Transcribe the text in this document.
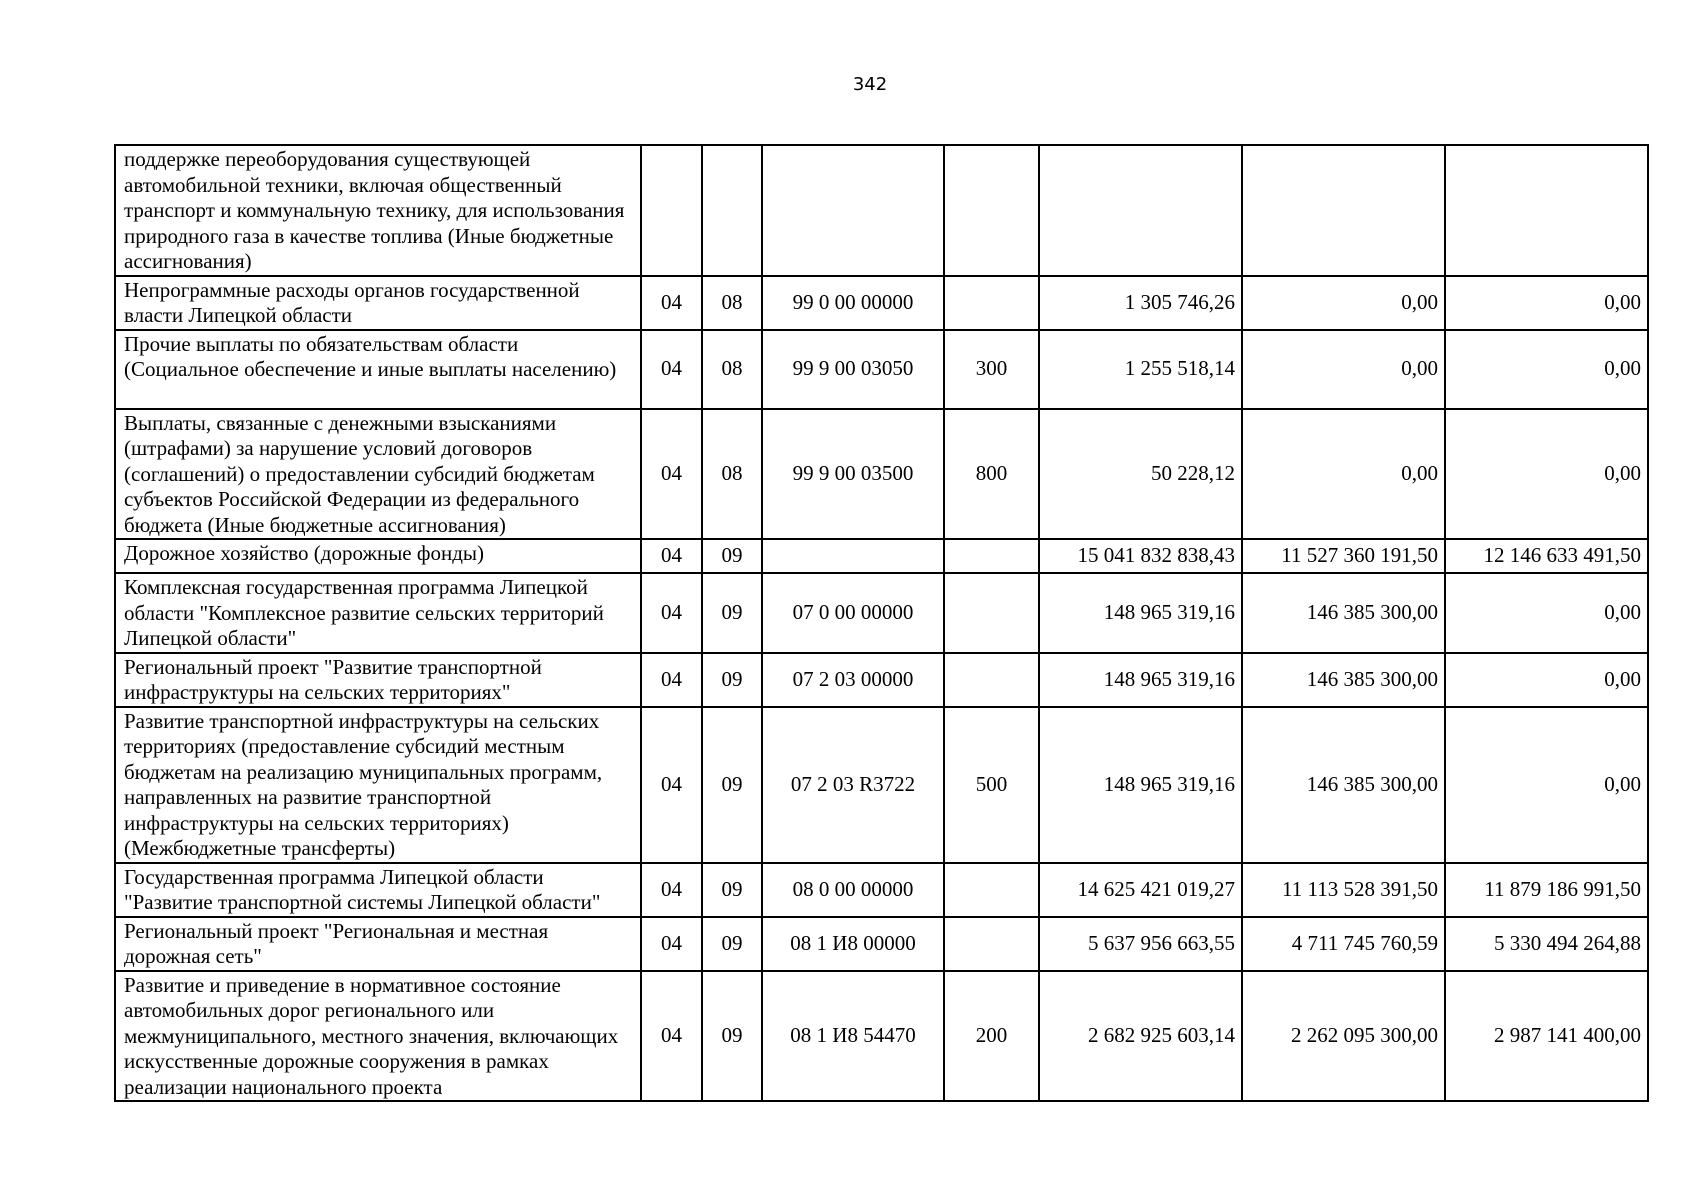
342
поддержке переоборудования существующей автомобильной техники, включая общественный транспорт и коммунальную технику, для использования природного газа в качестве топлива (Иные бюджетные ассигнования)							
Непрограммные расходы органов государственной власти Липецкой области	04	08	99 0 00 00000		1 305 746,26	0,00	0,00
Прочие выплаты по обязательствам области (Социальное обеспечение и иные выплаты населению)	04	08	99 9 00 03050	300	1 255 518,14	0,00	0,00
Выплаты, связанные с денежными взысканиями (штрафами) за нарушение условий договоров (соглашений) о предоставлении субсидий бюджетам субъектов Российской Федерации из федерального бюджета (Иные бюджетные ассигнования)	04	08	99 9 00 03500	800	50 228,12	0,00	0,00
Дорожное хозяйство (дорожные фонды)	04	09			15 041 832 838,43	11 527 360 191,50	12 146 633 491,50
Комплексная государственная программа Липецкой области "Комплексное развитие сельских территорий Липецкой области"	04	09	07 0 00 00000		148 965 319,16	146 385 300,00	0,00
Региональный проект "Развитие транспортной инфраструктуры на сельских территориях"	04	09	07 2 03 00000		148 965 319,16	146 385 300,00	0,00
Развитие транспортной инфраструктуры на сельских территориях (предоставление субсидий местным бюджетам на реализацию муниципальных программ, направленных на развитие транспортной инфраструктуры на сельских территориях) (Межбюджетные трансферты)	04	09	07 2 03 R3722	500	148 965 319,16	146 385 300,00	0,00
Государственная программа Липецкой области "Развитие транспортной системы Липецкой области"	04	09	08 0 00 00000		14 625 421 019,27	11 113 528 391,50	11 879 186 991,50
Региональный проект "Региональная и местная дорожная сеть"	04	09	08 1 И8 00000		5 637 956 663,55	4 711 745 760,59	5 330 494 264,88
Развитие и приведение в нормативное состояние автомобильных дорог регионального или межмуниципального, местного значения, включающих искусственные дорожные сооружения в рамках реализации национального проекта	04	09	08 1 И8 54470	200	2 682 925 603,14	2 262 095 300,00	2 987 141 400,00
